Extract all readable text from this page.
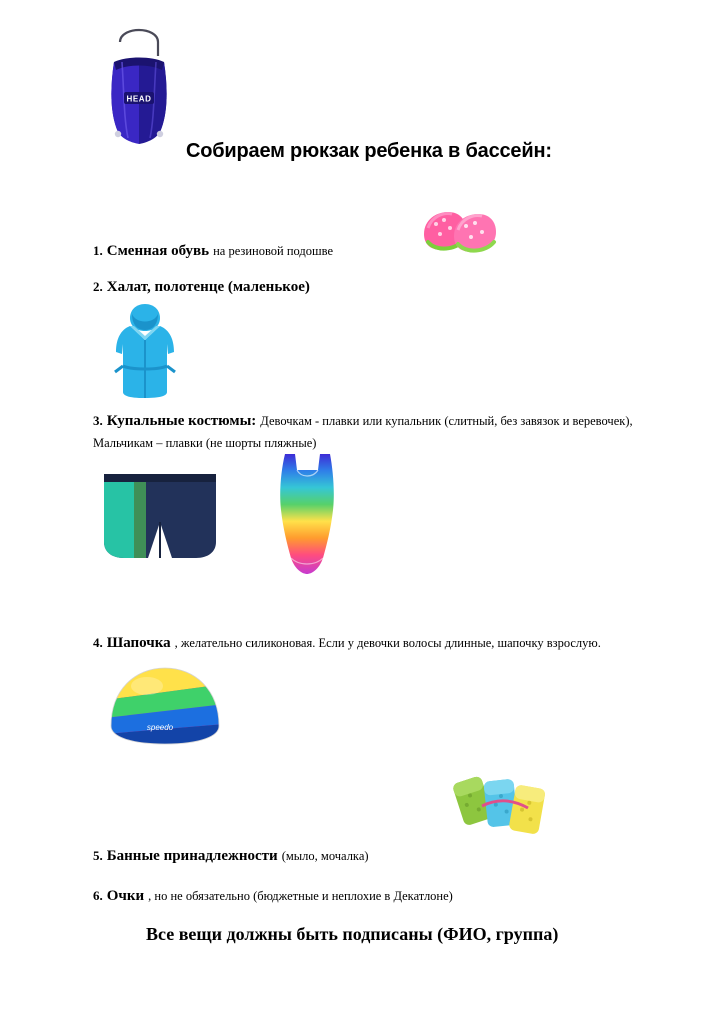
HEAD
Собираем рюкзак ребенка в бассейн:
1. Сменная обувь на резиновой подошве
2. Халат, полотенце (маленькое)
3. Купальные костюмы: Девочкам - плавки или купальник (слитный, без завязок и веревочек), Мальчикам – плавки (не шорты пляжные)
4. Шапочка , желательно силиконовая. Если у девочки волосы длинные, шапочку взрослую.
speedo
5. Банные принадлежности (мыло, мочалка)
6. Очки , но не обязательно (бюджетные и неплохие в Декатлоне)
Все вещи должны быть подписаны (ФИО, группа)
